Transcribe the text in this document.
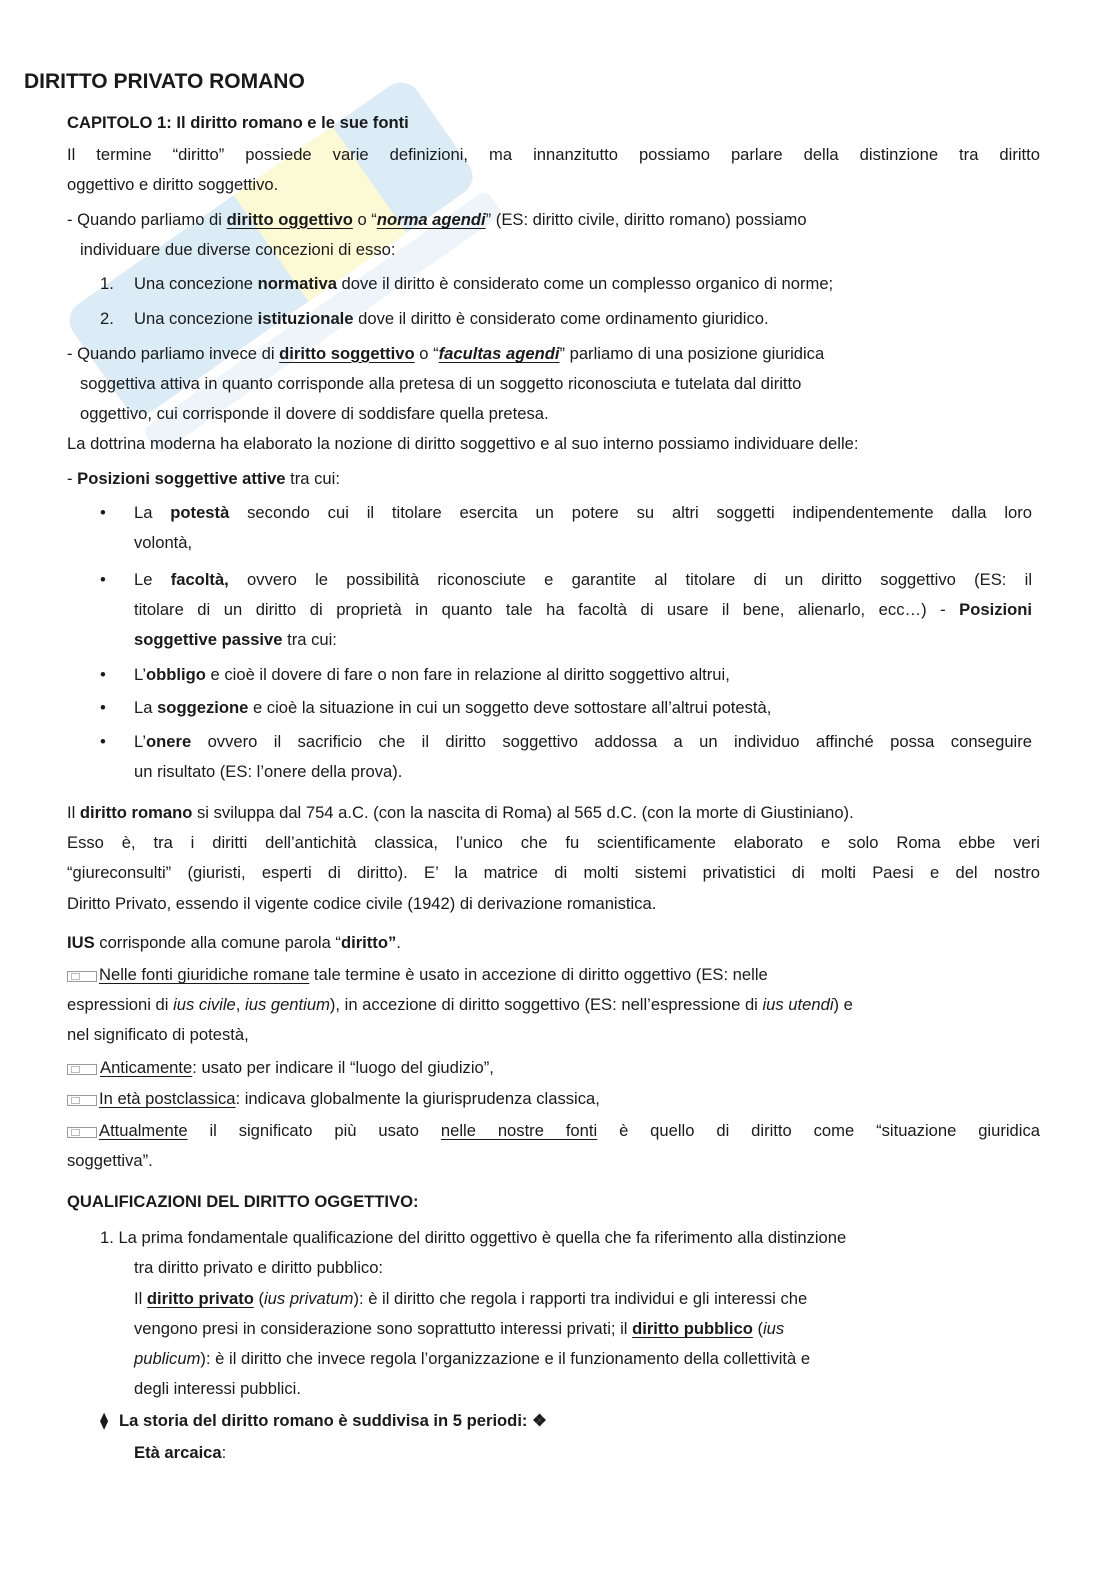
DIRITTO PRIVATO ROMANO
CAPITOLO 1: Il diritto romano e le sue fonti
Il termine “diritto” possiede varie definizioni, ma innanzitutto possiamo parlare della distinzione tra diritto
oggettivo e diritto soggettivo.
- Quando parliamo di diritto oggettivo o “norma agendi” (ES: diritto civile, diritto romano) possiamo
individuare due diverse concezioni di esso:
Una concezione normativa dove il diritto è considerato come un complesso organico di norme;
Una concezione istituzionale dove il diritto è considerato come ordinamento giuridico.
- Quando parliamo invece di diritto soggettivo o “facultas agendi” parliamo di una posizione giuridica
soggettiva attiva in quanto corrisponde alla pretesa di un soggetto riconosciuta e tutelata dal diritto
oggettivo, cui corrisponde il dovere di soddisfare quella pretesa.
La dottrina moderna ha elaborato la nozione di diritto soggettivo e al suo interno possiamo individuare delle:
- Posizioni soggettive attive tra cui:
La potestà secondo cui il titolare esercita un potere su altri soggetti indipendentemente dalla loro
volontà,
Le facoltà, ovvero le possibilità riconosciute e garantite al titolare di un diritto soggettivo (ES: il
titolare di un diritto di proprietà in quanto tale ha facoltà di usare il bene, alienarlo, ecc…) - Posizioni
soggettive passive tra cui:
L’obbligo e cioè il dovere di fare o non fare in relazione al diritto soggettivo altrui,
La soggezione e cioè la situazione in cui un soggetto deve sottostare all’altrui potestà,
L’onere ovvero il sacrificio che il diritto soggettivo addossa a un individuo affinché possa conseguire
un risultato (ES: l’onere della prova).
Il diritto romano si sviluppa dal 754 a.C. (con la nascita di Roma) al 565 d.C. (con la morte di Giustiniano).
Esso è, tra i diritti dell’antichità classica, l’unico che fu scientificamente elaborato e solo Roma ebbe veri
“giureconsulti” (giuristi, esperti di diritto). E’ la matrice di molti sistemi privatistici di molti Paesi e del nostro
Diritto Privato, essendo il vigente codice civile (1942) di derivazione romanistica.
IUS corrisponde alla comune parola “diritto”.
Nelle fonti giuridiche romane tale termine è usato in accezione di diritto oggettivo (ES: nelle
espressioni di ius civile, ius gentium), in accezione di diritto soggettivo (ES: nell’espressione di ius utendi) e
nel significato di potestà,
Anticamente: usato per indicare il “luogo del giudizio”,
In età postclassica: indicava globalmente la giurisprudenza classica,
Attualmente il significato più usato nelle nostre fonti è quello di diritto come “situazione giuridica
soggettiva”.
QUALIFICAZIONI DEL DIRITTO OGGETTIVO:
1. La prima fondamentale qualificazione del diritto oggettivo è quella che fa riferimento alla distinzione
tra diritto privato e diritto pubblico:
Il diritto privato (ius privatum): è il diritto che regola i rapporti tra individui e gli interessi che
vengono presi in considerazione sono soprattutto interessi privati; il diritto pubblico (ius
publicum): è il diritto che invece regola l’organizzazione e il funzionamento della collettività e
degli interessi pubblici.
La storia del diritto romano è suddivisa in 5 periodi: ❖
Età arcaica:
1.
2.
•
•
•
•
•
⧫
